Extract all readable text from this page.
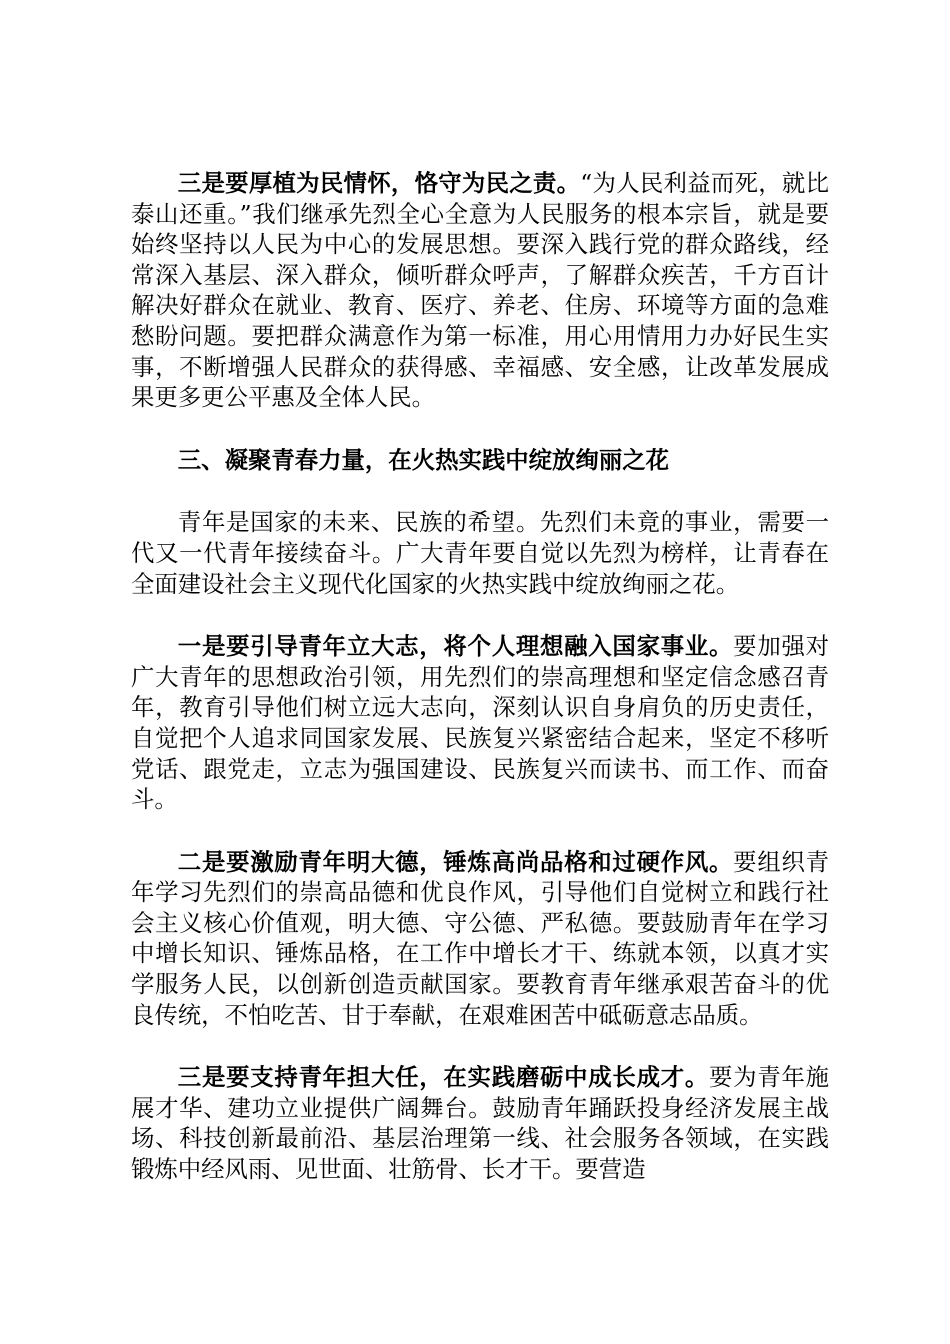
三是要厚植为民情怀，恪守为民之责。“为人民利益而死，就比泰山还重。”我们继承先烈全心全意为人民服务的根本宗旨，就是要始终坚持以人民为中心的发展思想。要深入践行党的群众路线，经常深入基层、深入群众，倾听群众呼声，了解群众疾苦，千方百计解决好群众在就业、教育、医疗、养老、住房、环境等方面的急难愁盼问题。要把群众满意作为第一标准，用心用情用力办好民生实事，不断增强人民群众的获得感、幸福感、安全感，让改革发展成果更多更公平惠及全体人民。

三、凝聚青春力量，在火热实践中绽放绚丽之花

青年是国家的未来、民族的希望。先烈们未竟的事业，需要一代又一代青年接续奋斗。广大青年要自觉以先烈为榜样，让青春在全面建设社会主义现代化国家的火热实践中绽放绚丽之花。

一是要引导青年立大志，将个人理想融入国家事业。要加强对广大青年的思想政治引领，用先烈们的崇高理想和坚定信念感召青年，教育引导他们树立远大志向，深刻认识自身肩负的历史责任，自觉把个人追求同国家发展、民族复兴紧密结合起来，坚定不移听党话、跟党走，立志为强国建设、民族复兴而读书、而工作、而奋斗。

二是要激励青年明大德，锤炼高尚品格和过硬作风。要组织青年学习先烈们的崇高品德和优良作风，引导他们自觉树立和践行社会主义核心价值观，明大德、守公德、严私德。要鼓励青年在学习中增长知识、锤炼品格，在工作中增长才干、练就本领，以真才实学服务人民，以创新创造贡献国家。要教育青年继承艰苦奋斗的优良传统，不怕吃苦、甘于奉献，在艰难困苦中砥砺意志品质。

三是要支持青年担大任，在实践磨砺中成长成才。要为青年施展才华、建功立业提供广阔舞台。鼓励青年踊跃投身经济发展主战场、科技创新最前沿、基层治理第一线、社会服务各领域，在实践锻炼中经风雨、见世面、壮筋骨、长才干。要营造
